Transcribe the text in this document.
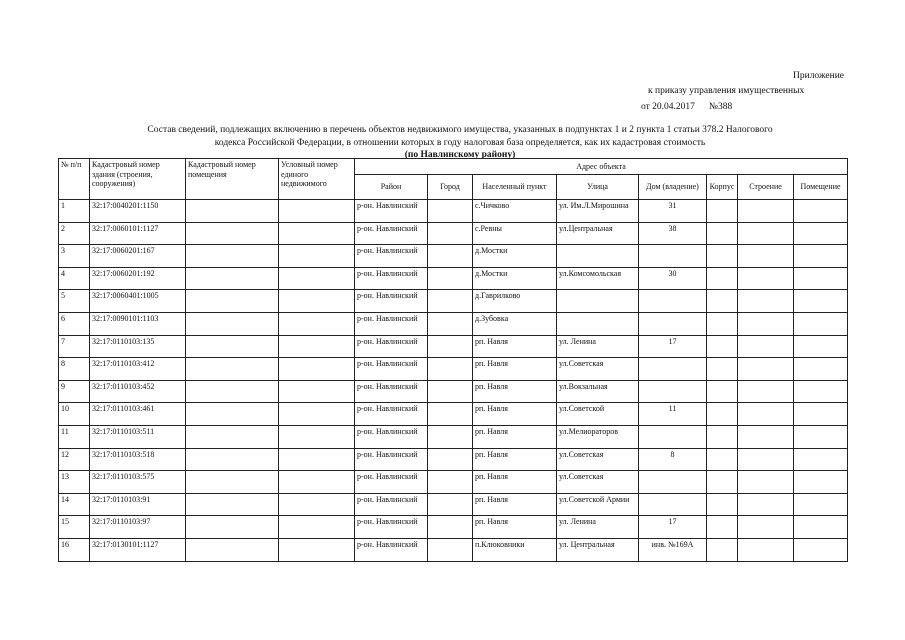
Приложение
к приказу управления имущественных
от 20.04.2017 №388
Состав сведений, подлежащих включению в перечень объектов недвижимого имущества, указанных в подпунктах 1 и 2 пункта 1 статьи 378.2 Налогового
кодекса Российской Федерации, в отношении которых в году налоговая база определяется, как их кадастровая стоимость
(по Навлинскому району)
№ п/п	Кадастровый номер здания (строения, сооружения)	Кадастровый номер помещения	Условный номер единого недвижимого	Адрес объекта							
				Район	Город	Населенный пункт	Улица	Дом (владение)	Корпус	Строение	Помещение
1	32:17:0040201:1150			р-он. Навлинский		с.Чичково	ул. Им.Л.Мирошина	31			
2	32:17:0060101:1127			р-он. Навлинский		с.Ревны	ул.Центральная	38			
3	32:17:0060201:167			р-он. Навлинский		д.Мостки					
4	32:17:0060201:192			р-он. Навлинский		д.Мостки	ул.Комсомольская	30			
5	32:17:0060401:1005			р-он. Навлинский		д.Гаврилково					
6	32:17:0090101:1103			р-он. Навлинский		д.Зубовка					
7	32:17:0110103:135			р-он. Навлинский		рп. Навля	ул. Ленина	17			
8	32:17:0110103:412			р-он. Навлинский		рп. Навля	ул.Советская				
9	32:17:0110103:452			р-он. Навлинский		рп. Навля	ул.Вокзальная				
10	32:17:0110103:461			р-он. Навлинский		рп. Навля	ул.Советской	11			
11	32:17:0110103:511			р-он. Навлинский		рп. Навля	ул.Мелиораторов				
12	32:17:0110103:518			р-он. Навлинский		рп. Навля	ул.Советская	8			
13	32:17:0110103:575			р-он. Навлинский		рп. Навля	ул.Советская				
14	32:17:0110103:91			р-он. Навлинский		рп. Навля	ул.Советской Армии				
15	32:17:0110103:97			р-он. Навлинский		рп. Навля	ул. Ленина	17			
16	32:17:0130101:1127			р-он. Навлинский		п.Клюковники	ул. Центральная	инв. №169А			
